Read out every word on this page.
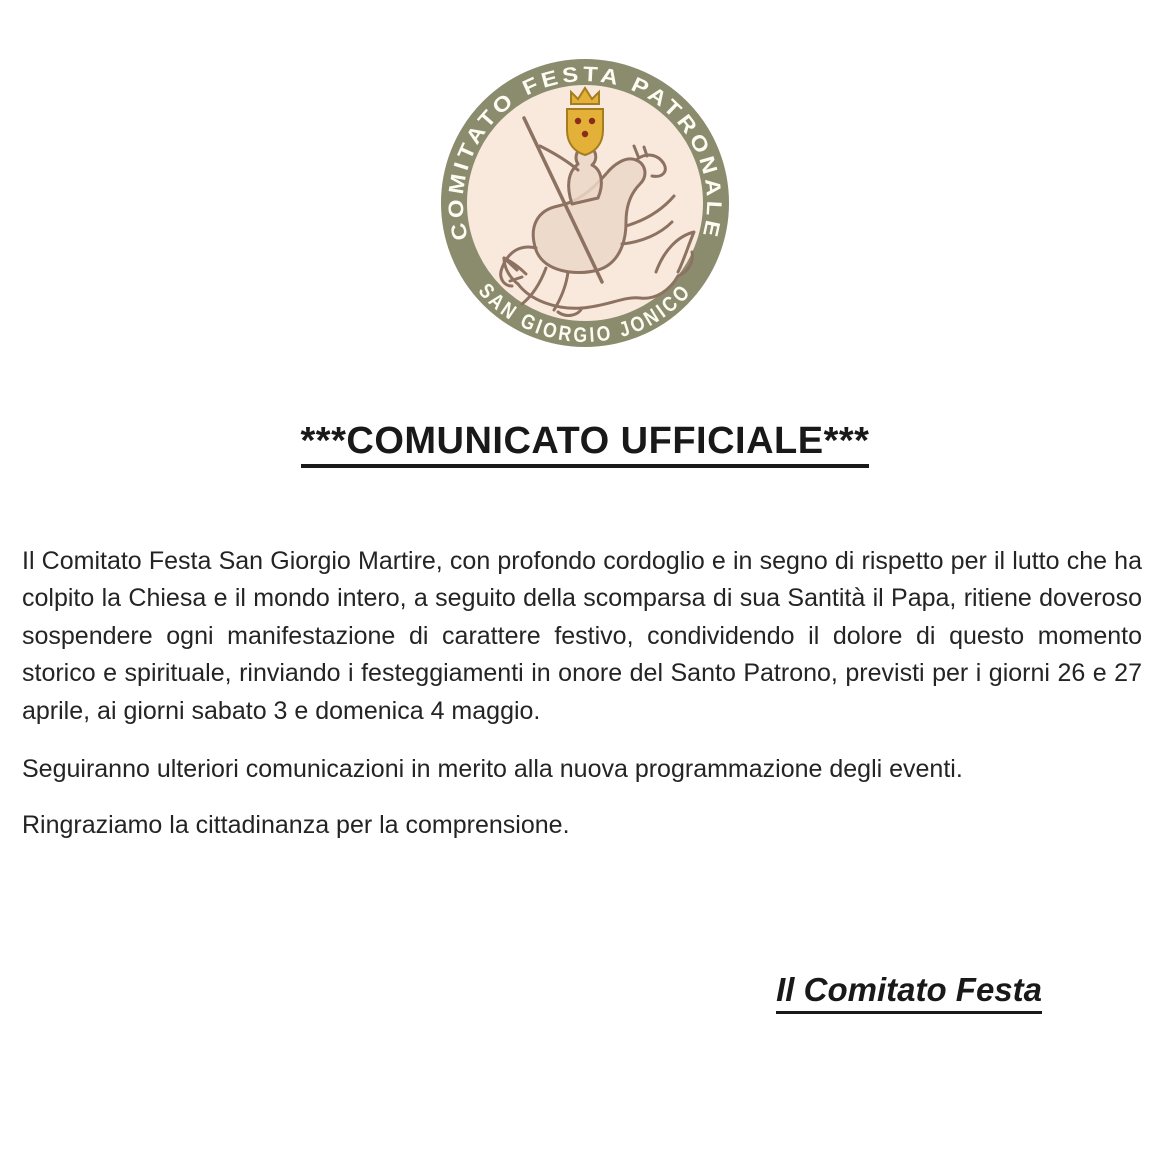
COMITATO FESTA PATRONALE
SAN GIORGIO JONICO
***COMUNICATO UFFICIALE***

Il Comitato Festa San Giorgio Martire, con profondo cordoglio e in segno di rispetto per il lutto che ha colpito la Chiesa e il mondo intero, a seguito della scomparsa di sua Santità il Papa, ritiene doveroso sospendere ogni manifestazione di carattere festivo, condividendo il dolore di questo momento storico e spirituale, rinviando i festeggiamenti in onore del Santo Patrono, previsti per i giorni 26 e 27 aprile, ai giorni sabato 3 e domenica 4 maggio.

Seguiranno ulteriori comunicazioni in merito alla nuova programmazione degli eventi.

Ringraziamo la cittadinanza per la comprensione.

Il Comitato Festa
